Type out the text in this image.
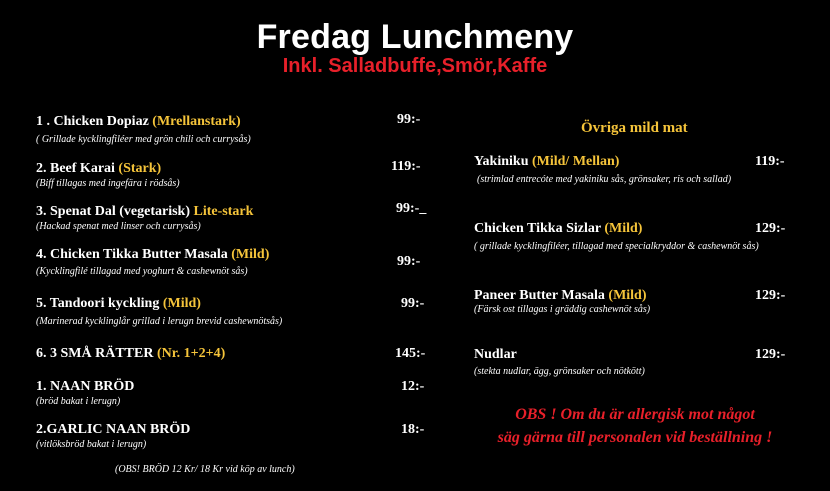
Fredag Lunchmeny
Inkl. Salladbuffe,Smör,Kaffe
1 . Chicken Dopiaz (Mrellanstark)
( Grillade kycklingfiléer med grön chili och currysås)
99:-
2. Beef Karai (Stark)
(Biff tillagas med ingefära i rödsås)
119:-
3. Spenat Dal (vegetarisk) Lite-stark
(Hackad spenat med linser och currysås)
99:-_
4. Chicken Tikka Butter Masala (Mild)
(Kycklingfilé tillagad med yoghurt & cashewnöt sås)
99:-
5. Tandoori kyckling (Mild)
(Marinerad kycklinglår grillad i lerugn brevid cashewnötsås)
99:-
6. 3 SMÅ RÄTTER (Nr. 1+2+4)	145:-
1. NAAN BRÖD
(bröd bakat i lerugn)
12:-
2.GARLIC NAAN BRÖD
(vitlöksbröd bakat i lerugn)
18:-
(OBS! BRÖD 12 Kr/ 18 Kr vid köp av lunch)
Övriga mild mat
Yakiniku (Mild/ Mellan)
(strimlad entrecóte med yakiniku sås, grönsaker, ris och sallad)
119:-
Chicken Tikka Sizlar (Mild)
( grillade kycklingfiléer, tillagad med specialkryddor & cashewnöt sås)
129:-
Paneer Butter Masala (Mild)
(Färsk ost tillagas i gräddig cashewnöt sås)
129:-
Nudlar
(stekta nudlar, ägg, grönsaker och nötkött)
129:-
OBS ! Om du är allergisk mot något
säg gärna till personalen vid beställning !
